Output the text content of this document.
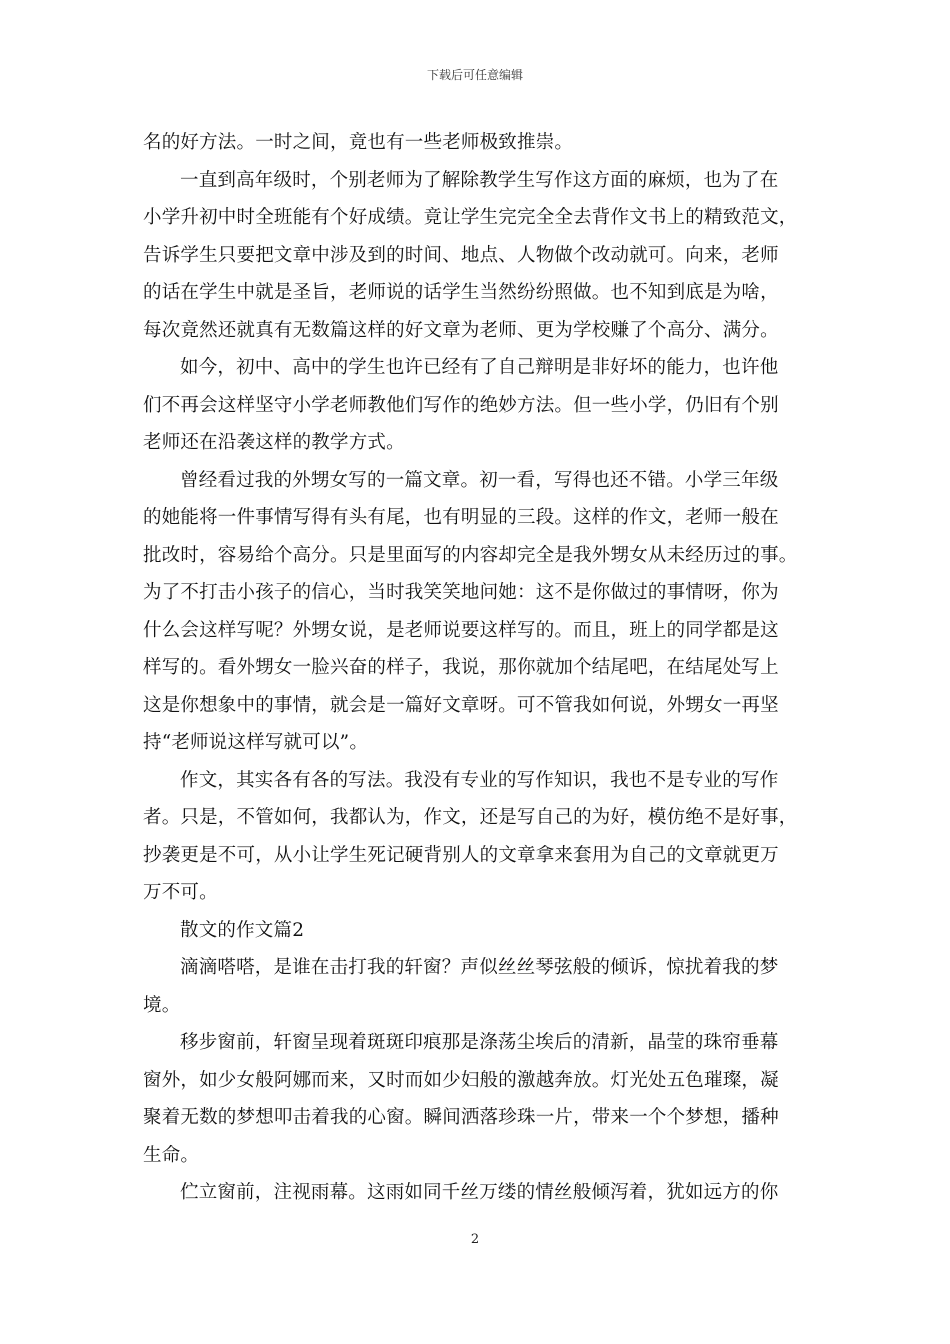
下载后可任意编辑
名的好方法。一时之间，竟也有一些老师极致推崇。
一直到高年级时，个别老师为了解除教学生写作这方面的麻烦，也为了在
小学升初中时全班能有个好成绩。竟让学生完完全全去背作文书上的精致范文，
告诉学生只要把文章中涉及到的时间、地点、人物做个改动就可。向来，老师
的话在学生中就是圣旨，老师说的话学生当然纷纷照做。也不知到底是为啥，
每次竟然还就真有无数篇这样的好文章为老师、更为学校赚了个高分、满分。
如今，初中、高中的学生也许已经有了自己辩明是非好坏的能力，也许他
们不再会这样坚守小学老师教他们写作的绝妙方法。但一些小学，仍旧有个别
老师还在沿袭这样的教学方式。
曾经看过我的外甥女写的一篇文章。初一看，写得也还不错。小学三年级
的她能将一件事情写得有头有尾，也有明显的三段。这样的作文，老师一般在
批改时，容易给个高分。只是里面写的内容却完全是我外甥女从未经历过的事。
为了不打击小孩子的信心，当时我笑笑地问她：这不是你做过的事情呀，你为
什么会这样写呢？外甥女说，是老师说要这样写的。而且，班上的同学都是这
样写的。看外甥女一脸兴奋的样子，我说，那你就加个结尾吧，在结尾处写上
这是你想象中的事情，就会是一篇好文章呀。可不管我如何说，外甥女一再坚
持“老师说这样写就可以”。
作文，其实各有各的写法。我没有专业的写作知识，我也不是专业的写作
者。只是，不管如何，我都认为，作文，还是写自己的为好，模仿绝不是好事，
抄袭更是不可，从小让学生死记硬背别人的文章拿来套用为自己的文章就更万
万不可。
散文的作文篇2
滴滴嗒嗒，是谁在击打我的轩窗？声似丝丝琴弦般的倾诉，惊扰着我的梦
境。
移步窗前，轩窗呈现着斑斑印痕那是涤荡尘埃后的清新，晶莹的珠帘垂幕
窗外，如少女般阿娜而来，又时而如少妇般的激越奔放。灯光处五色璀璨，凝
聚着无数的梦想叩击着我的心窗。瞬间洒落珍珠一片，带来一个个梦想，播种
生命。
伫立窗前，注视雨幕。这雨如同千丝万缕的情丝般倾泻着，犹如远方的你
2
